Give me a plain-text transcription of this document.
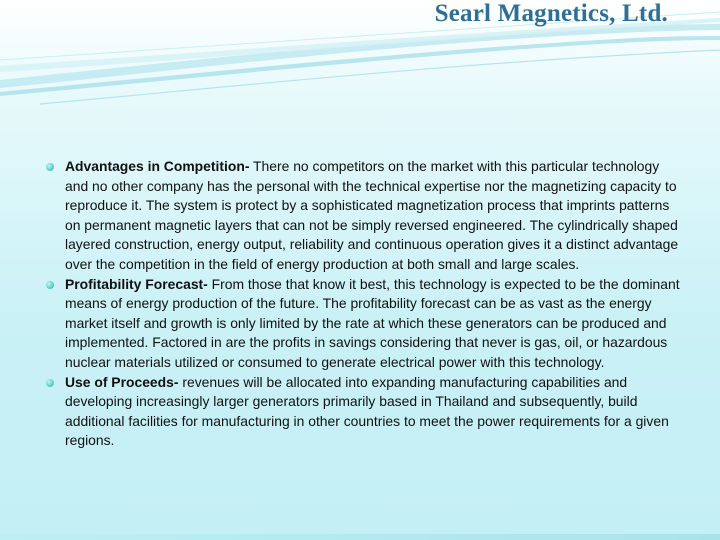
Searl Magnetics, Ltd.
Advantages in Competition- There no competitors on the market with this particular technology and no other company has the personal with the technical expertise nor the magnetizing capacity to reproduce it. The system is protect by a sophisticated magnetization process that imprints patterns on permanent magnetic layers that can not be simply reversed engineered. The cylindrically shaped layered construction, energy output, reliability and continuous operation gives it a distinct advantage over the competition in the field of energy production at both small and large scales.
Profitability Forecast- From those that know it best, this technology is expected to be the dominant means of energy production of the future. The profitability forecast can be as vast as the energy market itself and growth is only limited by the rate at which these generators can be produced and implemented. Factored in are the profits in savings considering that never is gas, oil, or hazardous nuclear materials utilized or consumed to generate electrical power with this technology.
Use of Proceeds- revenues will be allocated into expanding manufacturing capabilities and developing increasingly larger generators primarily based in Thailand and subsequently, build additional facilities for manufacturing in other countries to meet the power requirements for a given regions.
